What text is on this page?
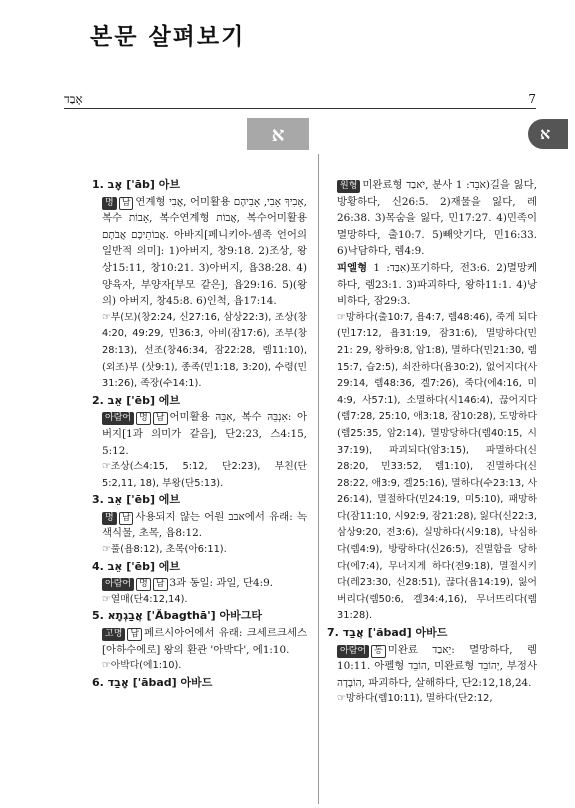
본문 살펴보기
אָבַד	7
א	א
1. אָב ['āb] 아브
명 남 연계형 אֲבִי, 어미활용 אָבִיךָ אָבִי, אָבִיהֶם, 복수 אָבוֹת, 복수연계형 אֲבוֹת, 복수어미활용 אֲבוֹתֵיכֶם אֲבֹתָם. 아바지[페니키아-셈족 언어의 일반적 의미]: 1)아버지, 창9:18. 2)조상, 왕상15:11, 창10:21. 3)아버지, 욥38:28. 4)양육자, 부양자[부모 같은], 욥29:16. 5)(왕의) 아버지, 창45:8. 6)인척, 욥17:14.
☞부(모)(창2:24, 신27:16, 삼상22:3), 조상(창4:20, 49:29, 민36:3, 아비(잠17:6), 조부(창28:13), 선조(창46:34, 잠22:28, 렘11:10), (외조)부 (삿9:1), 종족(민1:18, 3:20), 수령(민31:26), 족장(수14:1).
2. אֵב ['ēb] 에브
아람어 명 남 어미활용 אִבֵּהּ, 복수 אִנְבֵּהּ: 아버지[1과 의미가 같음], 단2:23, 스4:15, 5:12.
☞조상(스4:15, 5:12, 단2:23), 부친(단5:2,11, 18), 부왕(단5:13).
3. אֵב ['ēb] 에브
명 남 사용되지 않는 어원 אבב에서 유래: 녹색식물, 초목, 욥8:12.
☞풀(욥8:12), 초목(아6:11).
4. אֵב ['ēb] 에브
아람어 명 남 3과 동일: 과일, 단4:9.
☞열매(단4:12,14).
5. אֲבַגְתָא ['Ăbagthā'] 아바그타
고명 남 페르시아어에서 유래: 크세르크세스[아하수에로] 왕의 환관 '아박다', 에1:10.
☞아박다(에1:10).
6. אָבַד ['ābad] 아바드
원형 미완료형 יֹאבַד, 분사 אֹבֵד: 1)길을 잃다, 방황하다, 신26:5. 2)재물을 잃다, 레26:38. 3)목숨을 잃다, 민17:27. 4)민족이 멸망하다, 출10:7. 5)빼앗기다, 민16:33. 6)낙담하다, 렘4:9.
피엘형 אִבַּד: 1)포기하다, 전3:6. 2)멸망케 하다, 렘23:1. 3)파괴하다, 왕하11:1. 4)낭비하다, 잠29:3.
☞망하다(출10:7, 욥4:7, 렘48:46), 죽게 되다(민17:12, 욥31:19, 잠31:6), 멸망하다(민21: 29, 왕하9:8, 암1:8), 멸하다(민21:30, 렘15:7, 습2:5), 쇠잔하다(욥30:2), 없어지다(사29:14, 렘48:36, 겔7:26), 죽다(에4:16, 미4:9, 사57:1), 소멸하다(시146:4), 끊어지다(렘7:28, 25:10, 애3:18, 잠10:28), 도망하다(렘25:35, 암2:14), 멸망당하다(렘40:15, 시37:19), 파괴되다(암3:15), 파멸하다(신28:20, 민33:52, 렘1:10), 진멸하다(신28:22, 애3:9, 겔25:16), 멸하다(수23:13, 사26:14), 멸절하다(민24:19, 미5:10), 패망하다(잠11:10, 시92:9, 잠21:28), 잃다(신22:3, 삼상9:20, 전3:6), 실망하다(시9:18), 낙심하다(렘4:9), 방랑하다(신26:5), 진멸함을 당하다(에7:4), 무너지게 하다(전9:18), 멸절시키다(레23:30, 신28:51), 끊다(욥14:19), 잃어버리다(렘50:6, 겔34:4,16), 무너뜨리다(렘31:28).
7. אֲבַד ['ăbad] 아바드
아람어 동 미완료 יֵאבַד: 멸망하다, 렘10:11. 아펠형 הוֹבֵד, 미완료형 יְהוֹבֵד, 부정사 הוֹבָדָה, 파괴하다, 살해하다, 단2:12,18,24.
☞망하다(렘10:11), 멸하다(단2:12,
